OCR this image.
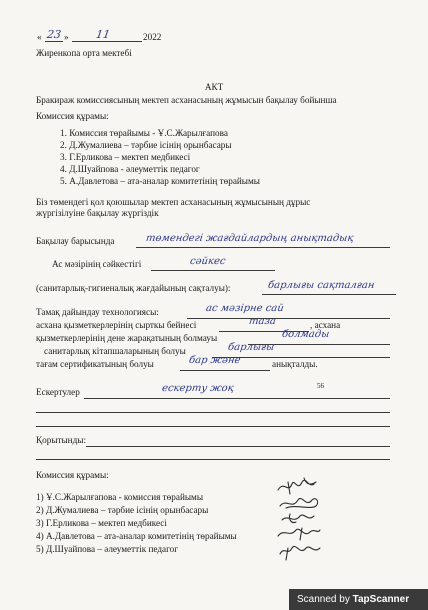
« 23 » 11	2022
Жиренкопа орта мектебі
АКТ
Бракираж комиссиясының мектеп асханасының жұмысын бақылау бойынша
Комиссия құрамы:
1. Комиссия төрайымы - Ұ.С.Жарылғапова
2. Д.Жумалиева – тәрбие ісінің орынбасары
3. Г.Ерликова – мектеп медбикесі
4. Д.Шуайпова - әлеуметтік педагог
5. А.Давлетова – ата-аналар комитетінің төрайымы
Біз төмендегі қол қоюшылар мектеп асханасының жұмысының дұрыс
жүргізілуіне бақылау жүргіздік
Бақылау барысында	төмендегі жағдайлардың анықтадық
Ас мәзірінің сәйкестігі	сәйкес
(санитарлық-гигиеналық жағдайының сақталуы):	барлығы сақталған
Тамақ дайындау технологиясы:	ас мәзірне сай
асхана қызметкерлерінің сырткы бейнесі	таза	, асхана
қызметкерлерінің дене жарақатының болмауы	болмады
санитарлық кітапшаларының болуы	барлығы
тағам сертификатының болуы	бар және	анықталды.
Ескертулер	ескерту жоқ	56
Қорытынды:
Комиссия құрамы:
1) Ұ.С.Жарылғапова - комиссия төрайымы
2) Д.Жумалиева – тәрбие ісінің орынбасары
3) Г.Ерликова – мектеп медбикесі
4) А.Давлетова – ата-аналар комитетінің төрайымы
5) Д.Шуайпова – әлеуметтік педагог
Scanned by TapScanner
